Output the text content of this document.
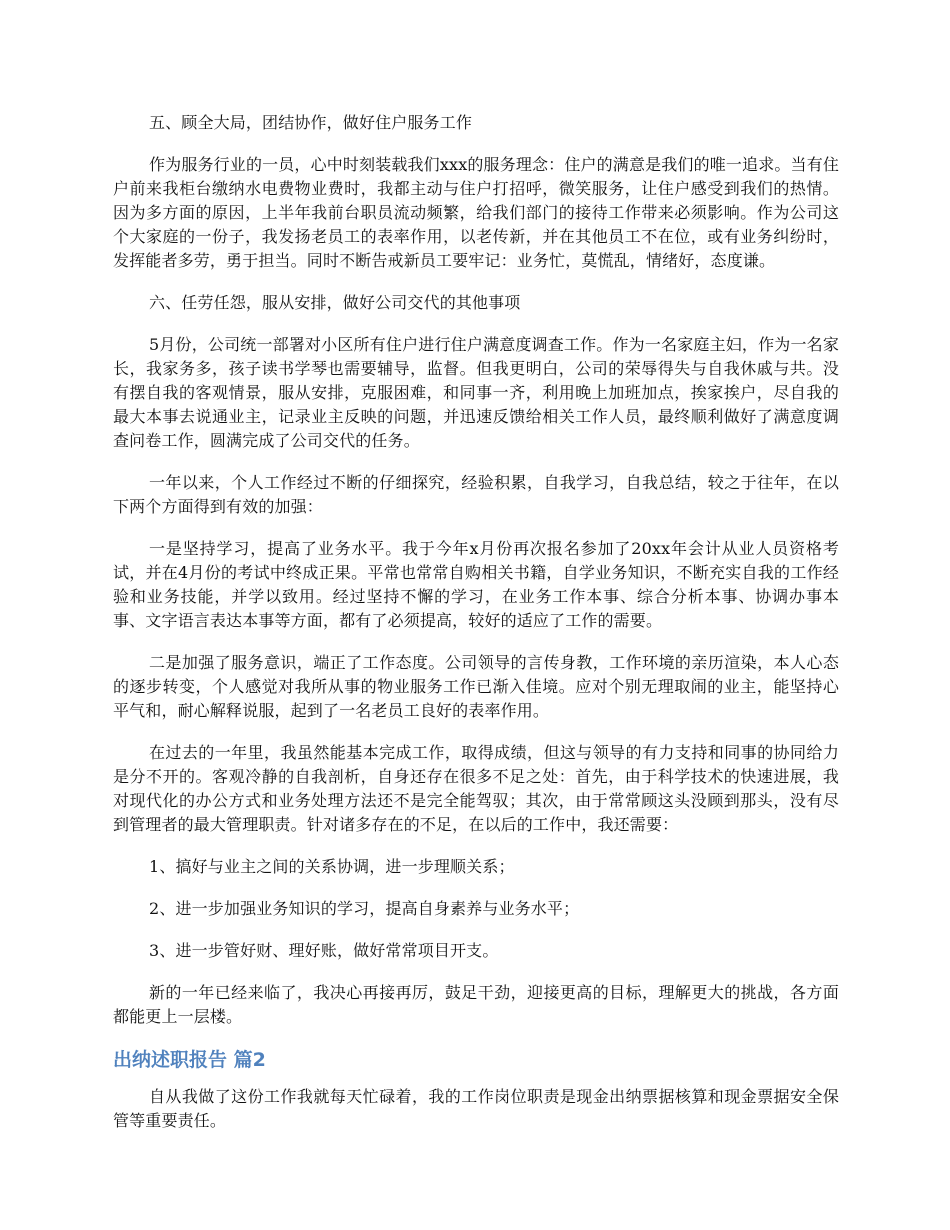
五、顾全大局，团结协作，做好住户服务工作

作为服务行业的一员，心中时刻装载我们xxx的服务理念：住户的满意是我们的唯一追求。当有住户前来我柜台缴纳水电费物业费时，我都主动与住户打招呼，微笑服务，让住户感受到我们的热情。因为多方面的原因，上半年我前台职员流动频繁，给我们部门的接待工作带来必须影响。作为公司这个大家庭的一份子，我发扬老员工的表率作用，以老传新，并在其他员工不在位，或有业务纠纷时，发挥能者多劳，勇于担当。同时不断告戒新员工要牢记：业务忙，莫慌乱，情绪好，态度谦。

六、任劳任怨，服从安排，做好公司交代的其他事项

5月份，公司统一部署对小区所有住户进行住户满意度调查工作。作为一名家庭主妇，作为一名家长，我家务多，孩子读书学琴也需要辅导，监督。但我更明白，公司的荣辱得失与自我休戚与共。没有摆自我的客观情景，服从安排，克服困难，和同事一齐，利用晚上加班加点，挨家挨户，尽自我的最大本事去说通业主，记录业主反映的问题，并迅速反馈给相关工作人员，最终顺利做好了满意度调查问卷工作，圆满完成了公司交代的任务。

一年以来，个人工作经过不断的仔细探究，经验积累，自我学习，自我总结，较之于往年，在以下两个方面得到有效的加强：

一是坚持学习，提高了业务水平。我于今年x月份再次报名参加了20xx年会计从业人员资格考试，并在4月份的考试中终成正果。平常也常常自购相关书籍，自学业务知识，不断充实自我的工作经验和业务技能，并学以致用。经过坚持不懈的学习，在业务工作本事、综合分析本事、协调办事本事、文字语言表达本事等方面，都有了必须提高，较好的适应了工作的需要。

二是加强了服务意识，端正了工作态度。公司领导的言传身教，工作环境的亲历渲染，本人心态的逐步转变，个人感觉对我所从事的物业服务工作已渐入佳境。应对个别无理取闹的业主，能坚持心平气和，耐心解释说服，起到了一名老员工良好的表率作用。

在过去的一年里，我虽然能基本完成工作，取得成绩，但这与领导的有力支持和同事的协同给力是分不开的。客观冷静的自我剖析，自身还存在很多不足之处：首先，由于科学技术的快速进展，我对现代化的办公方式和业务处理方法还不是完全能驾驭；其次，由于常常顾这头没顾到那头，没有尽到管理者的最大管理职责。针对诸多存在的不足，在以后的工作中，我还需要：

1、搞好与业主之间的关系协调，进一步理顺关系；

2、进一步加强业务知识的学习，提高自身素养与业务水平；

3、进一步管好财、理好账，做好常常项目开支。

新的一年已经来临了，我决心再接再厉，鼓足干劲，迎接更高的目标，理解更大的挑战，各方面都能更上一层楼。

出纳述职报告 篇2

自从我做了这份工作我就每天忙碌着，我的工作岗位职责是现金出纳票据核算和现金票据安全保管等重要责任。
